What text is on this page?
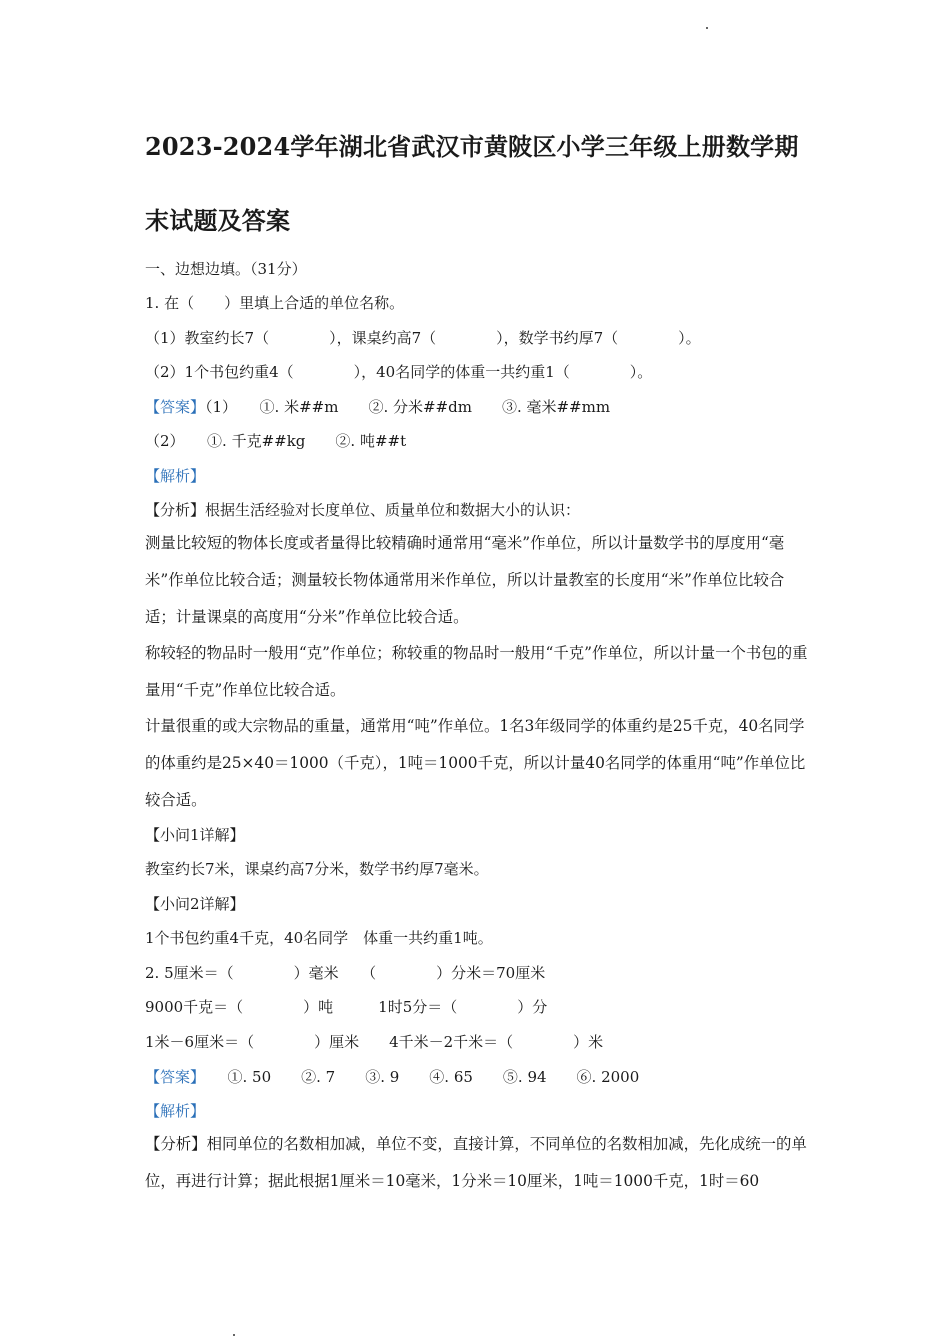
2023-2024学年湖北省武汉市黄陂区小学三年级上册数学期
末试题及答案
一、边想边填。（31分）
1. 在（　　）里填上合适的单位名称。
（1）教室约长7（　　　　），课桌约高7（　　　　），数学书约厚7（　　　　）。
（2）1个书包约重4（　　　　），40名同学的体重一共约重1（　　　　）。
【答案】（1）　　①. 米##m　　②. 分米##dm　　③. 毫米##mm
（2）　　①. 千克##kg　　②. 吨##t
【解析】
【分析】根据生活经验对长度单位、质量单位和数据大小的认识：
测量比较短的物体长度或者量得比较精确时通常用“毫米”作单位，所以计量数学书的厚度用“毫米”作单位比较合适；测量较长物体通常用米作单位，所以计量教室的长度用“米”作单位比较合适；计量课桌的高度用“分米”作单位比较合适。
称较轻的物品时一般用“克”作单位；称较重的物品时一般用“千克”作单位，所以计量一个书包的重量用“千克”作单位比较合适。
计量很重的或大宗物品的重量，通常用“吨”作单位。1名3年级同学的体重约是25千克，40名同学的体重约是25×40＝1000（千克），1吨＝1000千克，所以计量40名同学的体重用“吨”作单位比较合适。
【小问1详解】
教室约长7米，课桌约高7分米，数学书约厚7毫米。
【小问2详解】
1个书包约重4千克，40名同学　体重一共约重1吨。
2. 5厘米＝（　　　　）毫米　　（　　　　）分米＝70厘米
9000千克＝（　　　　）吨　　　1时5分＝（　　　　）分
1米－6厘米＝（　　　　）厘米　　4千米－2千米＝（　　　　）米
【答案】　　①. 50　　②. 7　　③. 9　　④. 65　　⑤. 94　　⑥. 2000
【解析】
【分析】相同单位的名数相加减，单位不变，直接计算，不同单位的名数相加减，先化成统一的单位，再进行计算；据此根据1厘米＝10毫米，1分米＝10厘米，1吨＝1000千克，1时＝60
